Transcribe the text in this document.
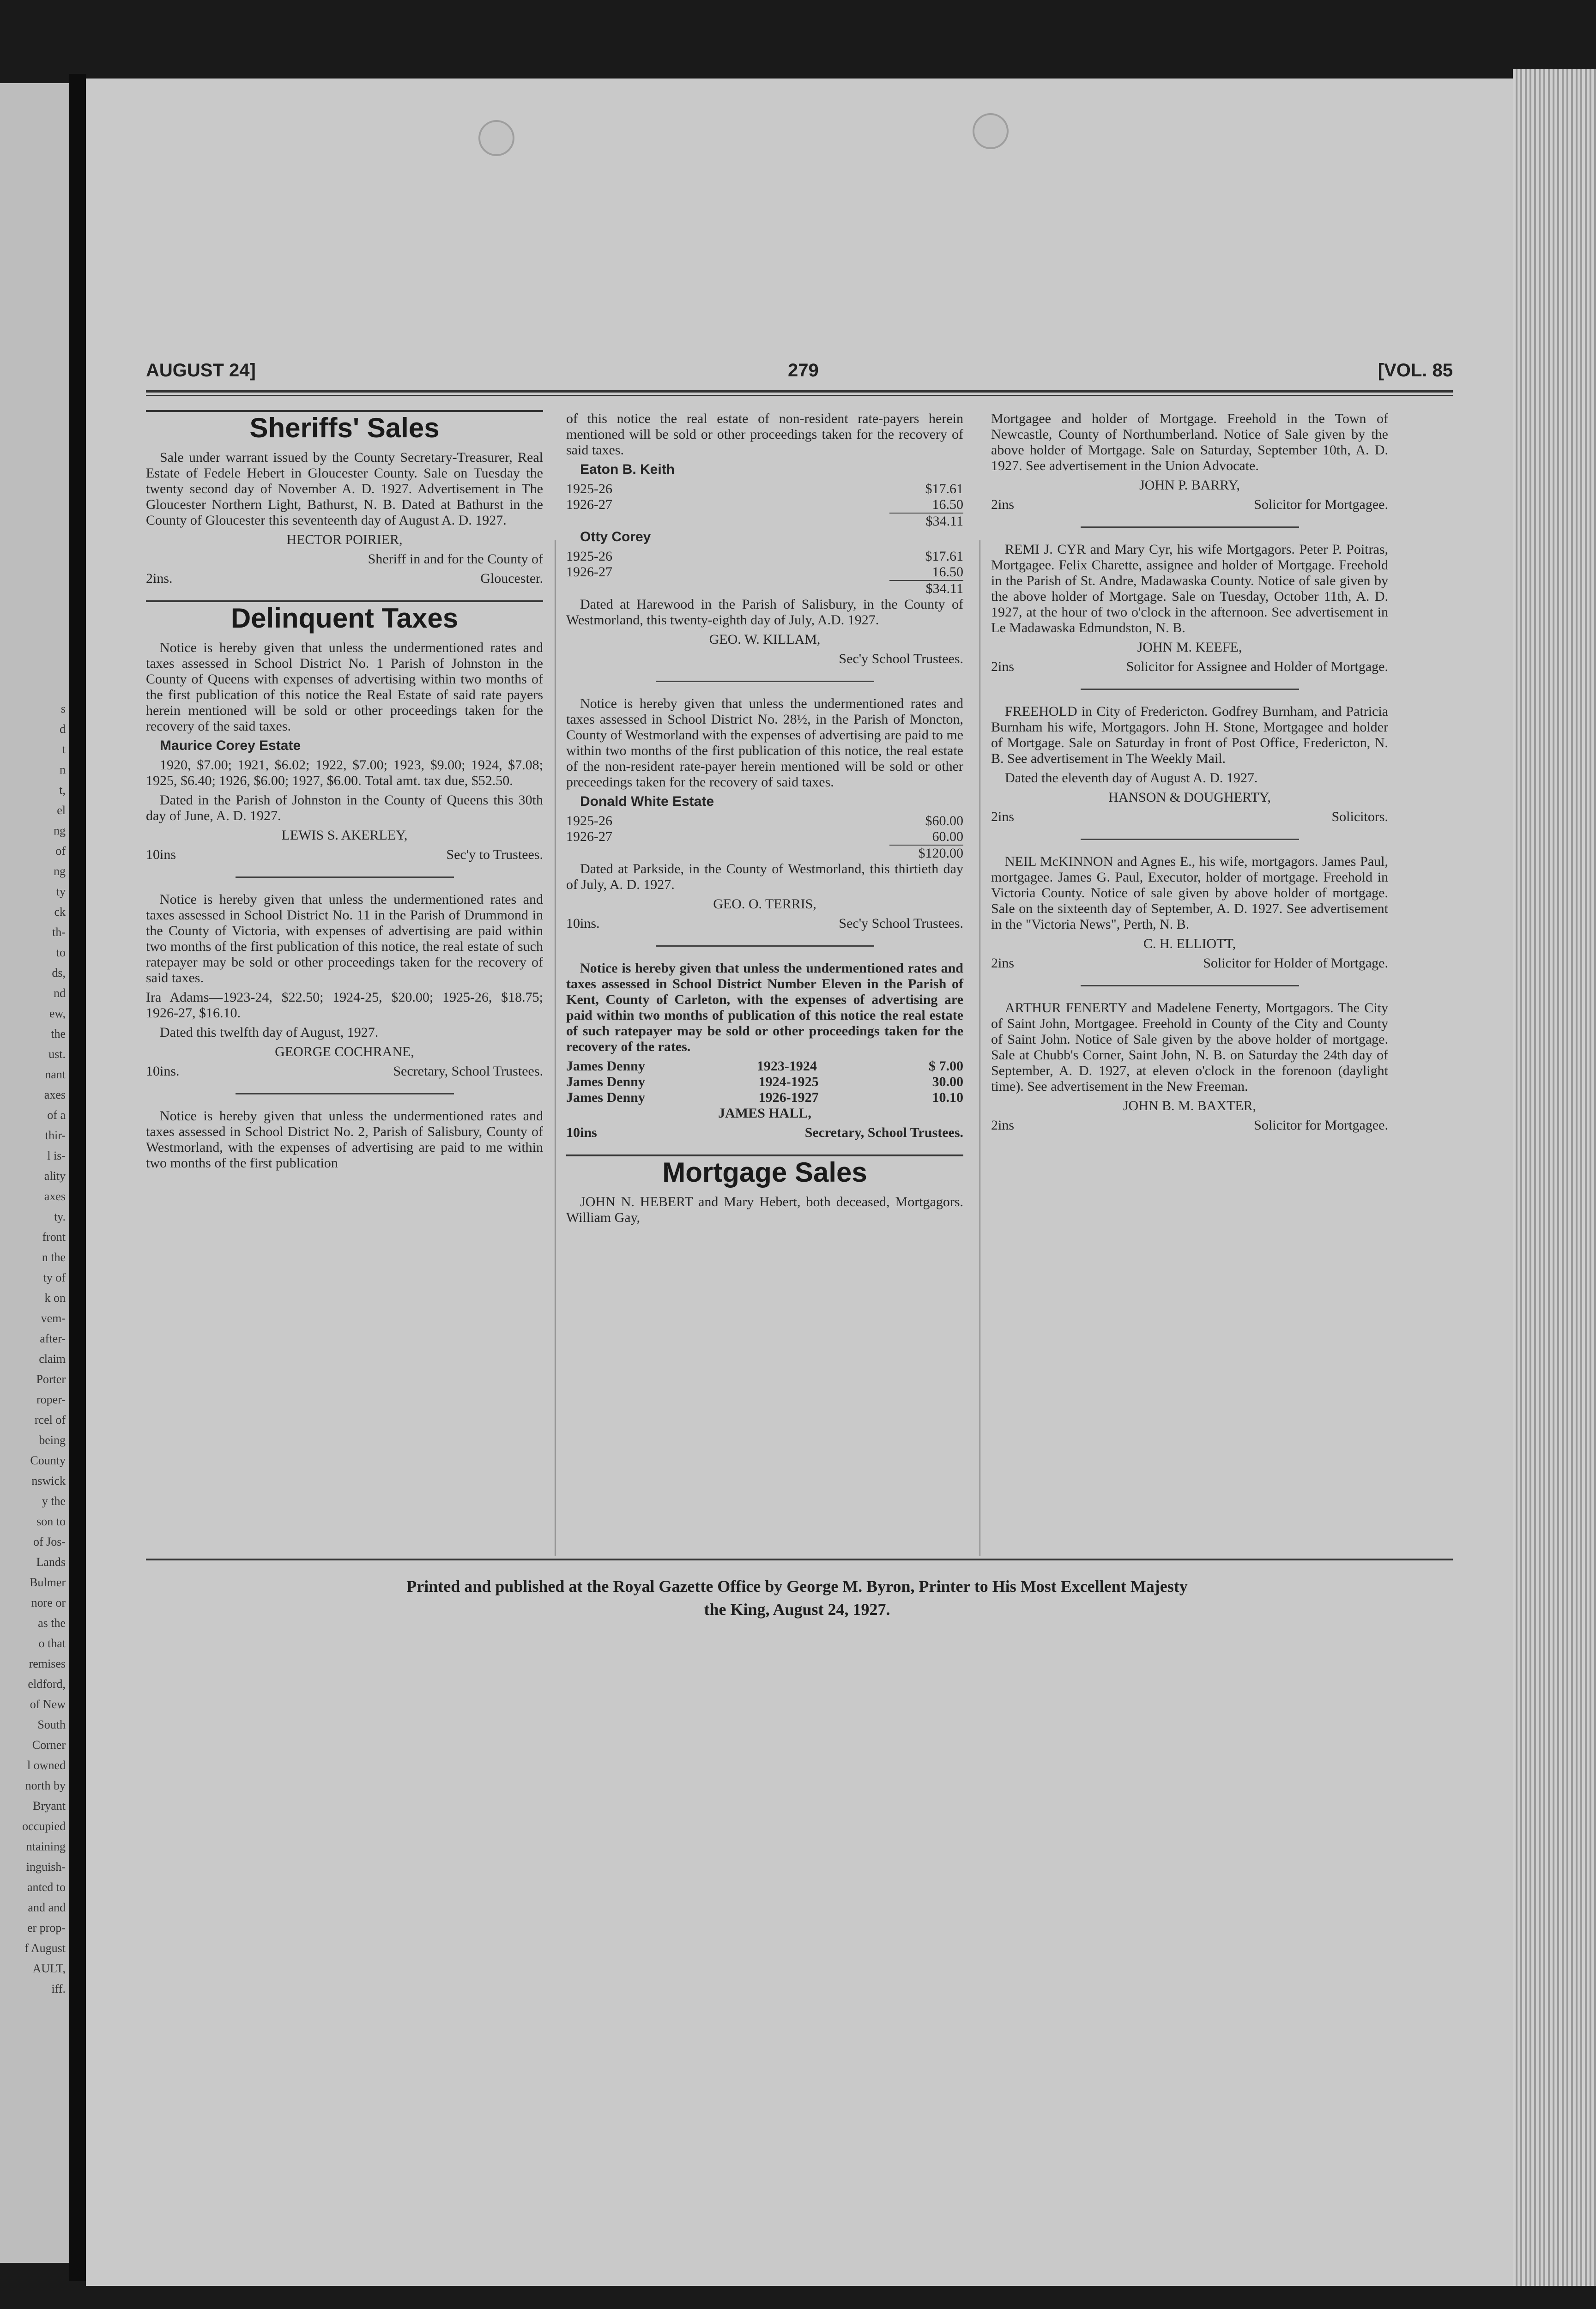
s
d
t
n
t,
el
ng
of
ng
ty
ck
th-
to
ds,
nd
ew,
the
ust.
nant
axes
of a
thir-
l is-
ality
axes
ty.
front
n the
ty of
k on
vem-
after-
claim
Porter
roper-
rcel of
being
County
nswick
y the
son to
of Jos-
Lands
Bulmer
nore or
as the
o that
remises
eldford,
of New
South
Corner
l owned
north by
Bryant
occupied
ntaining
inguish-
anted to
and and
er prop-
f August
AULT,
iff.
AUGUST 24]	279	[VOL. 85
Sheriffs' Sales

Sale under warrant issued by the County Secretary-Treasurer, Real Estate of Fedele Hebert in Gloucester County. Sale on Tuesday the twenty second day of November A. D. 1927. Advertisement in The Gloucester Northern Light, Bathurst, N. B. Dated at Bathurst in the County of Gloucester this seventeenth day of August A. D. 1927.

HECTOR POIRIER,

Sheriff in and for the County of

2ins.	Gloucester.
Delinquent Taxes

Notice is hereby given that unless the undermentioned rates and taxes assessed in School District No. 1 Parish of Johnston in the County of Queens with expenses of advertising within two months of the first publication of this notice the Real Estate of said rate payers herein mentioned will be sold or other proceedings taken for the recovery of the said taxes.

Maurice Corey Estate

1920, $7.00; 1921, $6.02; 1922, $7.00; 1923, $9.00; 1924, $7.08; 1925, $6.40; 1926, $6.00; 1927, $6.00. Total amt. tax due, $52.50.

Dated in the Parish of Johnston in the County of Queens this 30th day of June, A. D. 1927.

LEWIS S. AKERLEY,

10ins	Sec'y to Trustees.

Notice is hereby given that unless the undermentioned rates and taxes assessed in School District No. 11 in the Parish of Drummond in the County of Victoria, with expenses of advertising are paid within two months of the first publication of this notice, the real estate of such ratepayer may be sold or other proceedings taken for the recovery of said taxes.

Ira Adams—1923-24, $22.50; 1924-25, $20.00; 1925-26, $18.75; 1926-27, $16.10.

Dated this twelfth day of August, 1927.

GEORGE COCHRANE,

10ins.	Secretary, School Trustees.

Notice is hereby given that unless the undermentioned rates and taxes assessed in School District No. 2, Parish of Salisbury, County of Westmorland, with the expenses of advertising are paid to me within two months of the first publication

of this notice the real estate of non-resident rate-payers herein mentioned will be sold or other proceedings taken for the recovery of said taxes.

Eaton B. Keith

1925-26	$17.61
1926-27	16.50
$34.11

Otty Corey

1925-26	$17.61
1926-27	16.50
$34.11

Dated at Harewood in the Parish of Salisbury, in the County of Westmorland, this twenty-eighth day of July, A.D. 1927.

GEO. W. KILLAM,

Sec'y School Trustees.

Notice is hereby given that unless the undermentioned rates and taxes assessed in School District No. 28½, in the Parish of Moncton, County of Westmorland with the expenses of advertising are paid to me within two months of the first publication of this notice, the real estate of the non-resident rate-payer herein mentioned will be sold or other preceedings taken for the recovery of said taxes.

Donald White Estate

1925-26	$60.00
1926-27	60.00
$120.00

Dated at Parkside, in the County of Westmorland, this thirtieth day of July, A. D. 1927.

GEO. O. TERRIS,

10ins.	Sec'y School Trustees.

Notice is hereby given that unless the undermentioned rates and taxes assessed in School District Number Eleven in the Parish of Kent, County of Carleton, with the expenses of advertising are paid within two months of publication of this notice the real estate of such ratepayer may be sold or other proceedings taken for the recovery of the rates.

James Denny	1923-1924	$ 7.00
James Denny	1924-1925	30.00
James Denny	1926-1927	10.10

JAMES HALL,

10ins	Secretary, School Trustees.
Mortgage Sales

JOHN N. HEBERT and Mary Hebert, both deceased, Mortgagors. William Gay,

Mortgagee and holder of Mortgage. Freehold in the Town of Newcastle, County of Northumberland. Notice of Sale given by the above holder of Mortgage. Sale on Saturday, September 10th, A. D. 1927. See advertisement in the Union Advocate.

JOHN P. BARRY,

2ins	Solicitor for Mortgagee.

REMI J. CYR and Mary Cyr, his wife Mortgagors. Peter P. Poitras, Mortgagee. Felix Charette, assignee and holder of Mortgage. Freehold in the Parish of St. Andre, Madawaska County. Notice of sale given by the above holder of Mortgage. Sale on Tuesday, October 11th, A. D. 1927, at the hour of two o'clock in the afternoon. See advertisement in Le Madawaska Edmundston, N. B.

JOHN M. KEEFE,

2ins	Solicitor for Assignee and Holder of Mortgage.

FREEHOLD in City of Fredericton. Godfrey Burnham, and Patricia Burnham his wife, Mortgagors. John H. Stone, Mortgagee and holder of Mortgage. Sale on Saturday in front of Post Office, Fredericton, N. B. See advertisement in The Weekly Mail.

Dated the eleventh day of August A. D. 1927.

HANSON & DOUGHERTY,

2ins	Solicitors.

NEIL McKINNON and Agnes E., his wife, mortgagors. James Paul, mortgagee. James G. Paul, Executor, holder of mortgage. Freehold in Victoria County. Notice of sale given by above holder of mortgage. Sale on the sixteenth day of September, A. D. 1927. See advertisement in the "Victoria News", Perth, N. B.

C. H. ELLIOTT,

2ins	Solicitor for Holder of Mortgage.

ARTHUR FENERTY and Madelene Fenerty, Mortgagors. The City of Saint John, Mortgagee. Freehold in County of the City and County of Saint John. Notice of Sale given by the above holder of mortgage. Sale at Chubb's Corner, Saint John, N. B. on Saturday the 24th day of September, A. D. 1927, at eleven o'clock in the forenoon (daylight time). See advertisement in the New Freeman.

JOHN B. M. BAXTER,

2ins	Solicitor for Mortgagee.
Printed and published at the Royal Gazette Office by George M. Byron, Printer to His Most Excellent Majesty
the King, August 24, 1927.
